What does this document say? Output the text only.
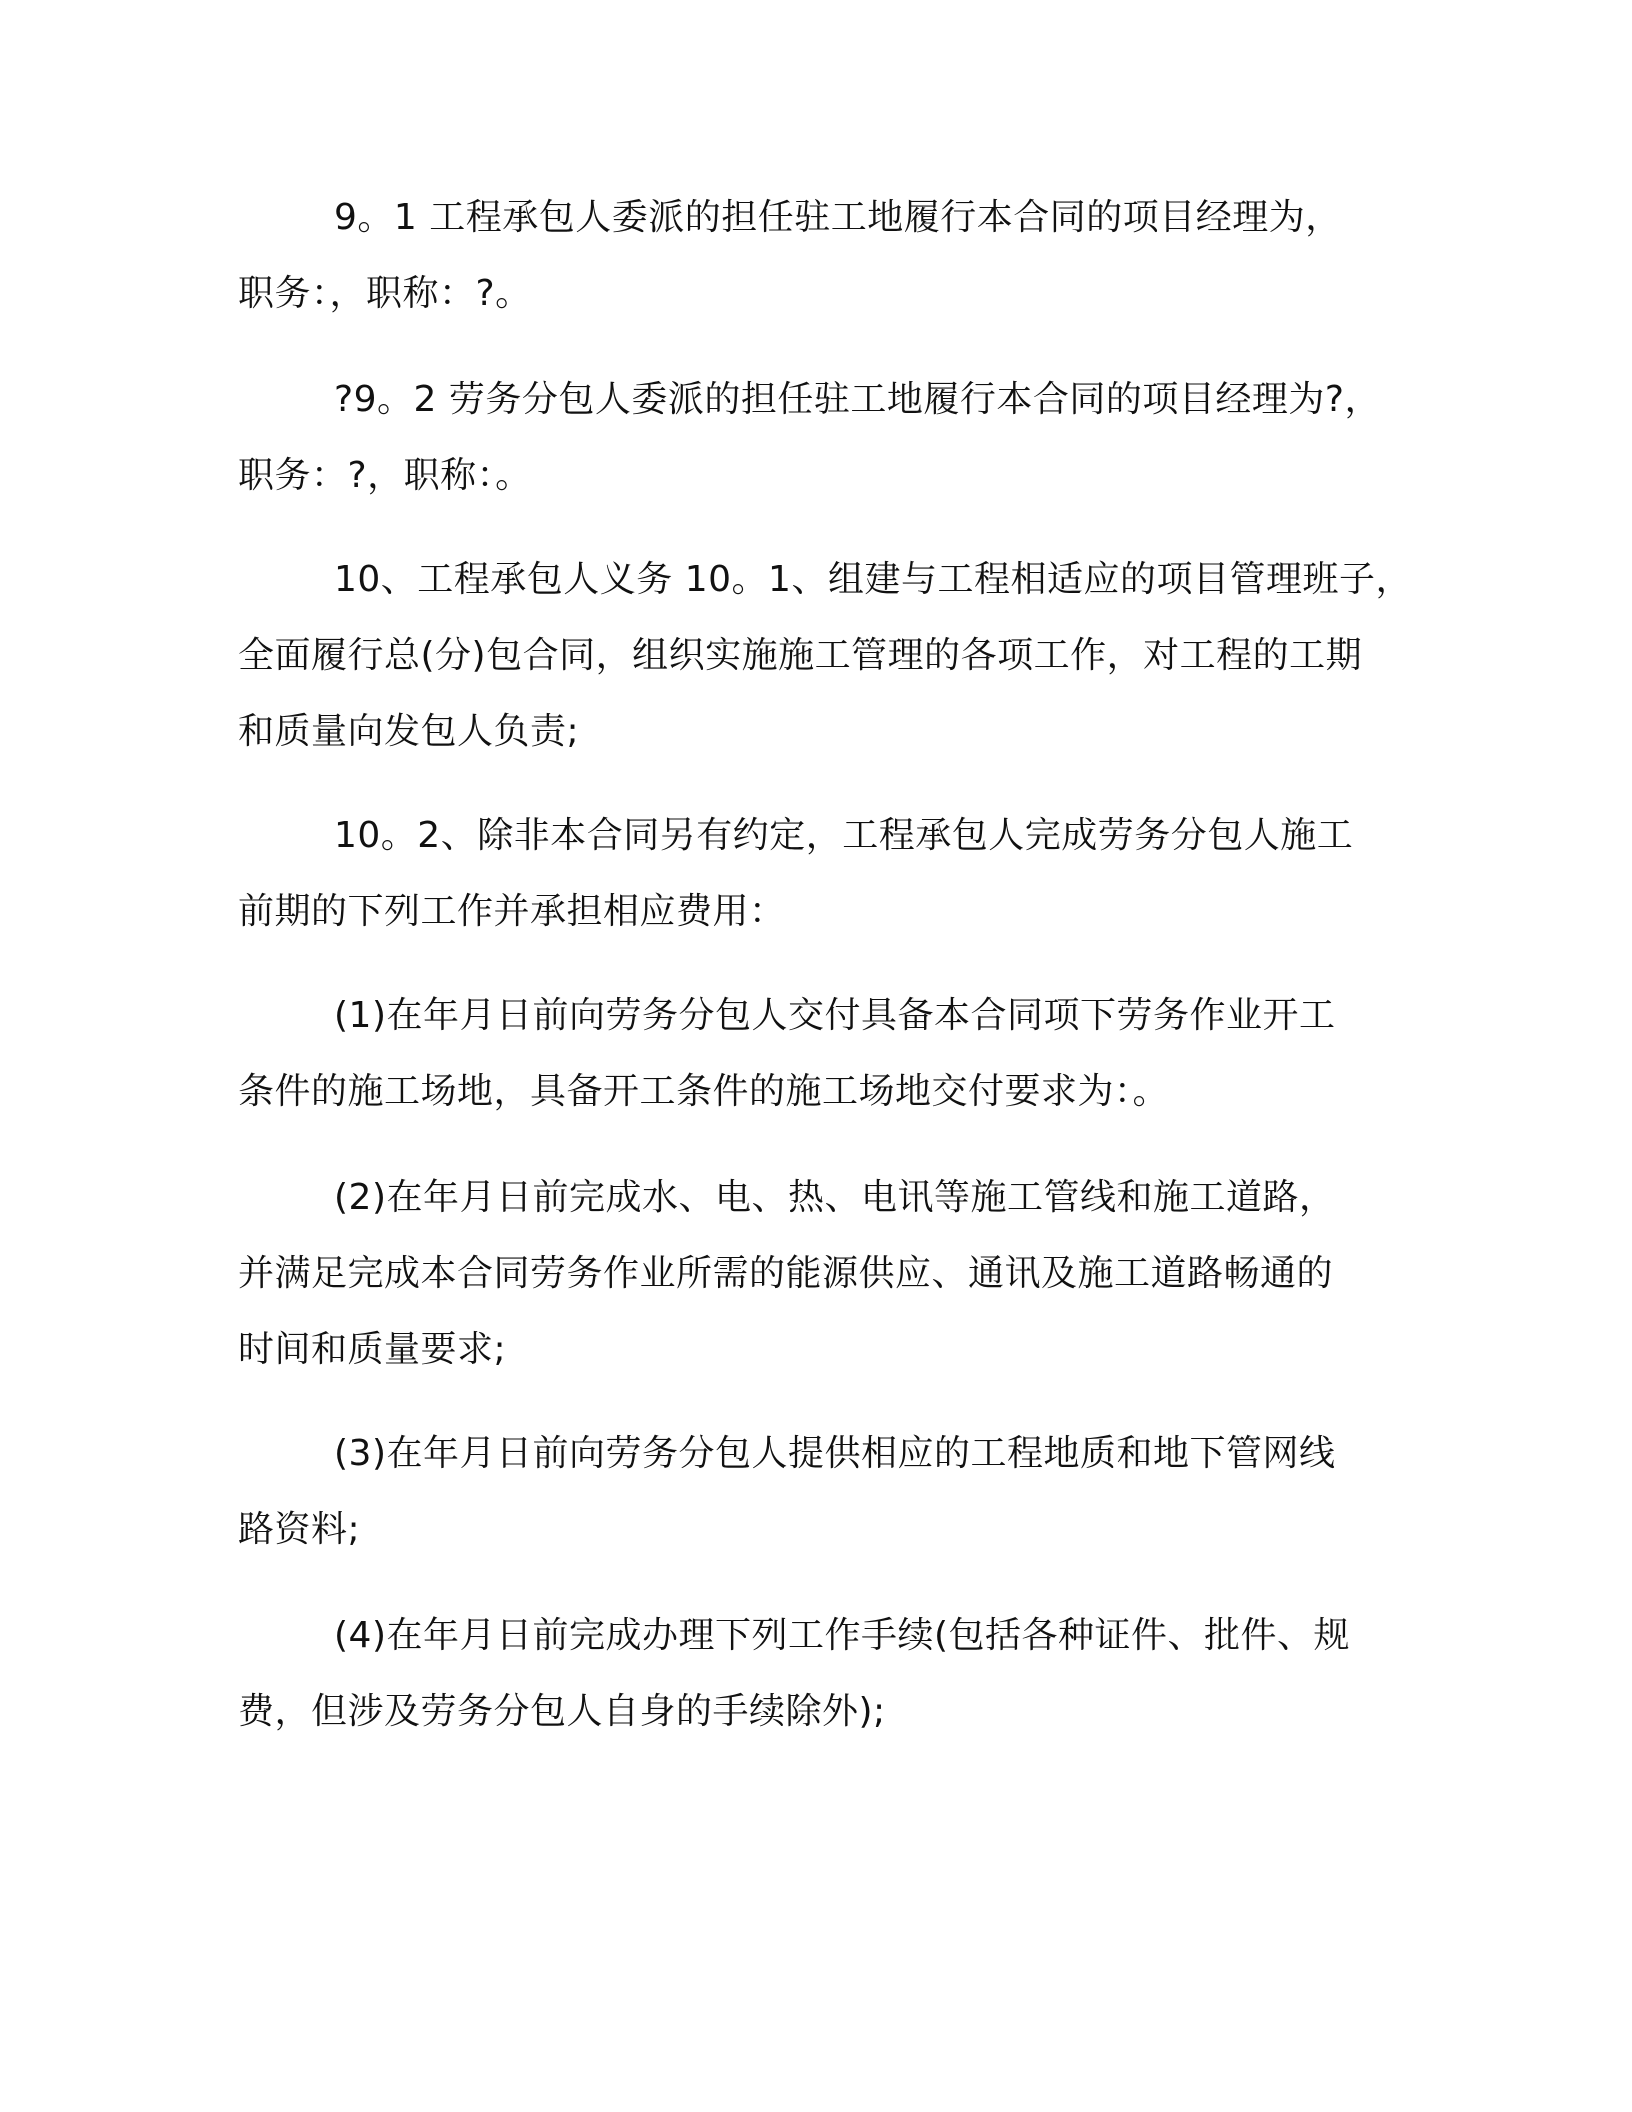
9。1 工程承包人委派的担任驻工地履行本合同的项目经理为，
职务：，职称：?。

?9。2 劳务分包人委派的担任驻工地履行本合同的项目经理为?，
职务：?，职称：。

10、工程承包人义务 10。1、组建与工程相适应的项目管理班子，
全面履行总(分)包合同，组织实施施工管理的各项工作，对工程的工期
和质量向发包人负责;

10。2、除非本合同另有约定，工程承包人完成劳务分包人施工
前期的下列工作并承担相应费用：

(1)在年月日前向劳务分包人交付具备本合同项下劳务作业开工
条件的施工场地，具备开工条件的施工场地交付要求为：。

(2)在年月日前完成水、电、热、电讯等施工管线和施工道路，
并满足完成本合同劳务作业所需的能源供应、通讯及施工道路畅通的
时间和质量要求;

(3)在年月日前向劳务分包人提供相应的工程地质和地下管网线
路资料;

(4)在年月日前完成办理下列工作手续(包括各种证件、批件、规
费，但涉及劳务分包人自身的手续除外);
